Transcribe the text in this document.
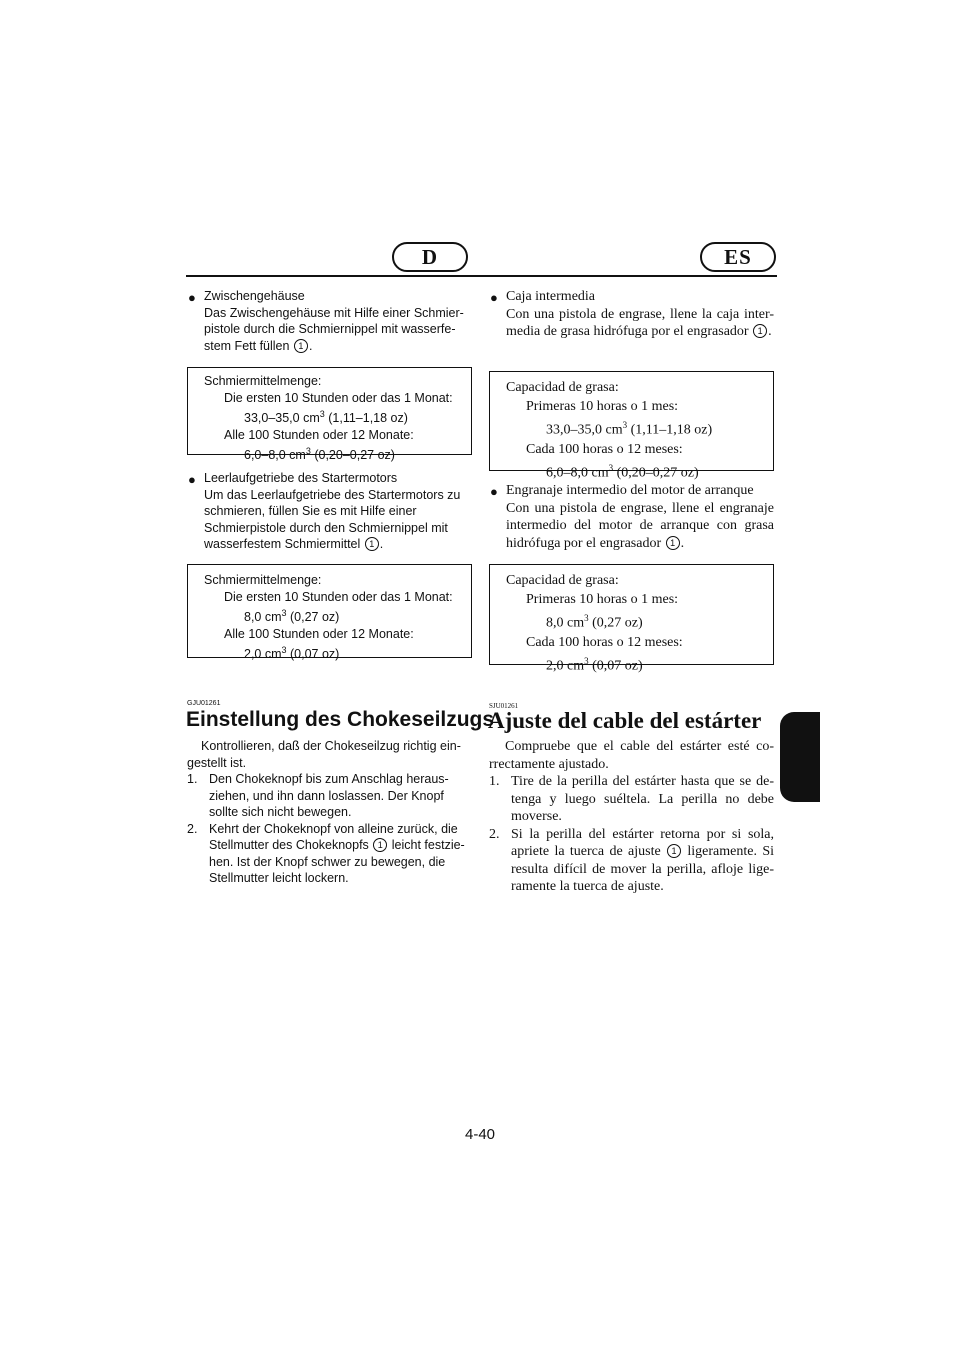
D	ES
● Zwischengehäuse
Das Zwischengehäuse mit Hilfe einer Schmier- pistole durch die Schmiernippel mit wasserfe- stem Fett füllen 1 .
Schmiermittelmenge:
Die ersten 10 Stunden oder das 1 Monat:
33,0–35,0 $cm^3$ (1,11–1,18 oz)
Alle 100 Stunden oder 12 Monate:
6,0–8,0 $cm^3$ (0,20–0,27 oz)
● Leerlaufgetriebe des Startermotors
Um das Leerlaufgetriebe des Startermotors zu schmieren, füllen Sie es mit Hilfe einer Schmierpistole durch den Schmiernippel mit wasserfestem Schmiermittel 1 .
Schmiermittelmenge:
Die ersten 10 Stunden oder das 1 Monat:
8,0 $cm^3$ (0,27 oz)
Alle 100 Stunden oder 12 Monate:
2,0 $cm^3$ (0,07 oz)
GJU01261
Einstellung des Chokeseilzugs
Kontrollieren, daß der Chokeseilzug richtig ein- gestellt ist.
1. Den Chokeknopf bis zum Anschlag heraus- ziehen, und ihn dann loslassen. Der Knopf sollte sich nicht bewegen.
2. Kehrt der Chokeknopf von alleine zurück, die Stellmutter des Chokeknopfs 1 leicht festzie- hen. Ist der Knopf schwer zu bewegen, die Stellmutter leicht lockern.
● Caja intermedia
Con una pistola de engrase, llene la caja inter- media de grasa hidrófuga por el engrasador 1 .
Capacidad de grasa:
Primeras 10 horas o 1 mes:
33,0–35,0 $cm^3$ (1,11–1,18 oz)
Cada 100 horas o 12 meses:
6,0–8,0 $cm^3$ (0,20–0,27 oz)
● Engranaje intermedio del motor de arranque
Con una pistola de engrase, llene el engranaje intermedio del motor de arranque con grasa hidrófuga por el engrasador 1 .
Capacidad de grasa:
Primeras 10 horas o 1 mes:
8,0 $cm^3$ (0,27 oz)
Cada 100 horas o 12 meses:
2,0 $cm^3$ (0,07 oz)
SJU01261
Ajuste del cable del estárter
Compruebe que el cable del estárter esté co- rrectamente ajustado.
1. Tire de la perilla del estárter hasta que se de- tenga y luego suéltela. La perilla no debe moverse.
2. Si la perilla del estárter retorna por si sola, apriete la tuerca de ajuste 1 ligeramente. Si resulta difícil de mover la perilla, afloje lige- ramente la tuerca de ajuste.
4-40
